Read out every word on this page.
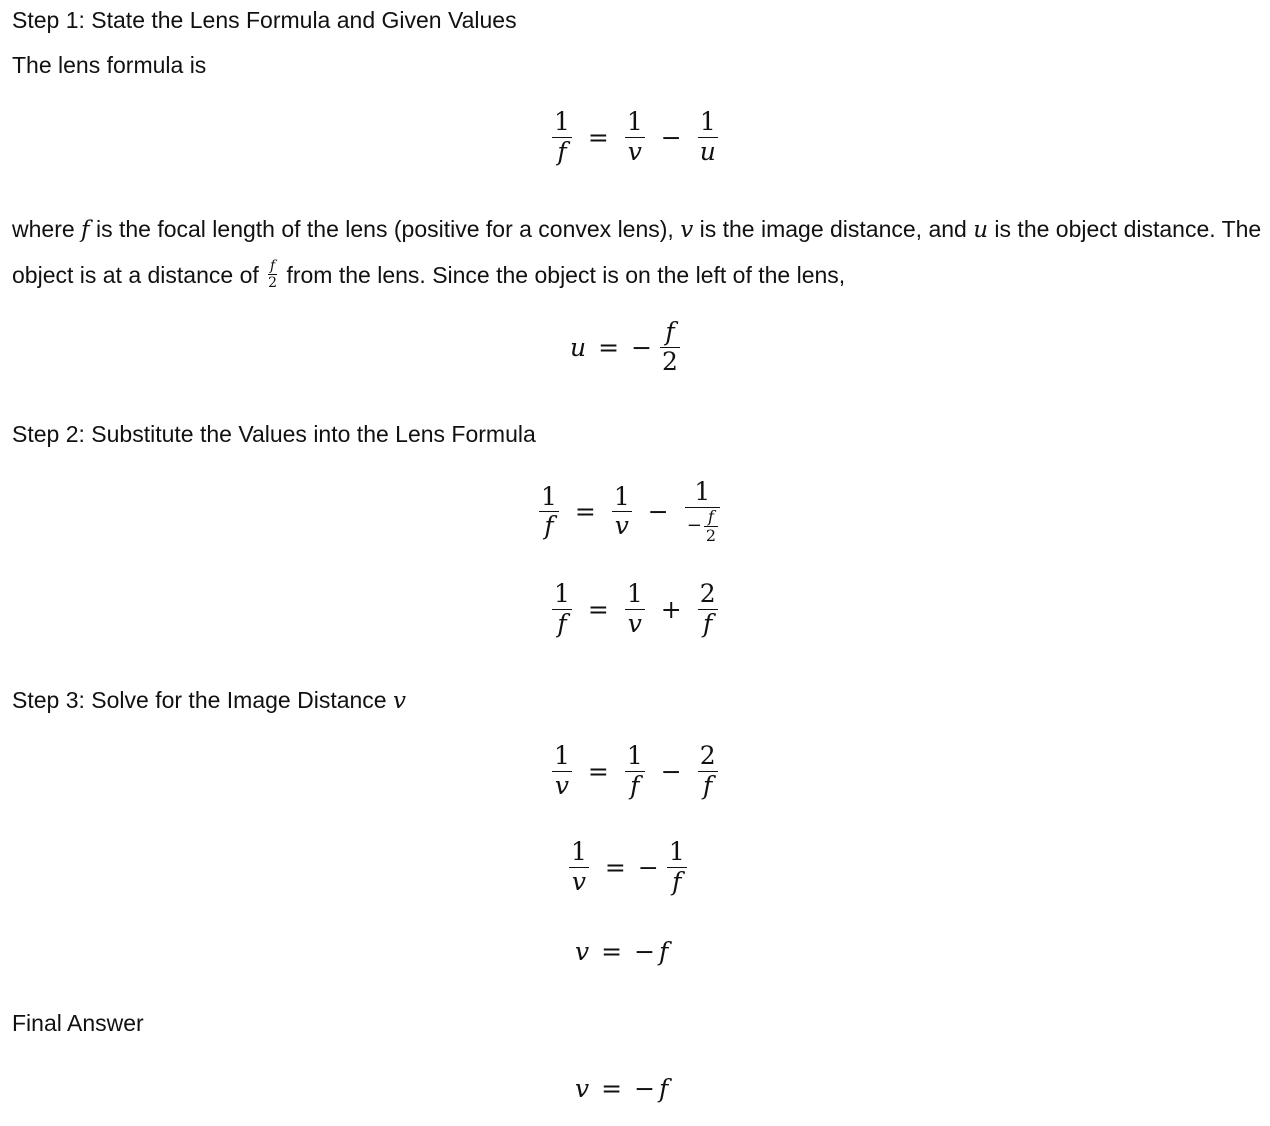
Step 1: State the Lens Formula and Given Values
The lens formula is
$\frac{1}{f} = \frac{1}{v} - \frac{1}{u}$
where f is the focal length of the lens (positive for a convex lens), v is the image distance, and u is the object distance. The object is at a distance of $\frac{f}{2}$ from the lens. Since the object is on the left of the lens,
u = − $\frac{f}{2}$
Step 2: Substitute the Values into the Lens Formula
$\frac{1}{f} = \frac{1}{v} - \frac{1}{- \frac{f}{2}}$
$\frac{1}{f} = \frac{1}{v} + \frac{2}{f}$
Step 3: Solve for the Image Distance v
$\frac{1}{v} = \frac{1}{f} - \frac{2}{f}$
$\frac{1}{v}$ = − $\frac{1}{f}$
v = − f
Final Answer
v = − f
